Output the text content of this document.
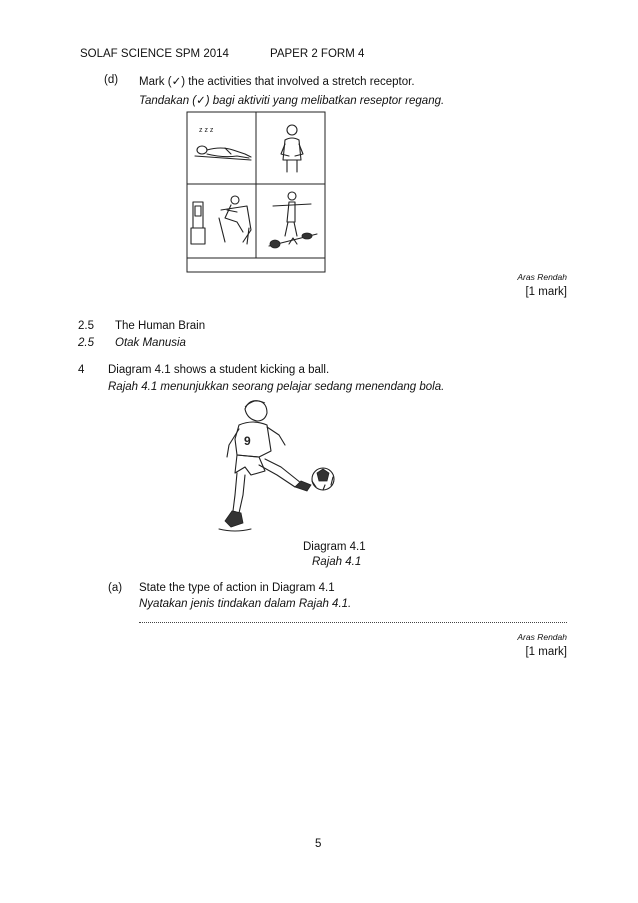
SOLAF SCIENCE SPM 2014	PAPER 2 FORM 4
(d) Mark (✓) the activities that involved a stretch receptor.
Tandakan (✓) bagi aktiviti yang melibatkan reseptor regang.
z z z
Aras Rendah
[1 mark]
2.5 The Human Brain
2.5 Otak Manusia
4 Diagram 4.1 shows a student kicking a ball.
Rajah 4.1 menunjukkan seorang pelajar sedang menendang bola.
9
Diagram 4.1
Rajah 4.1
(a) State the type of action in Diagram 4.1
Nyatakan jenis tindakan dalam Rajah 4.1.
Aras Rendah
[1 mark]
5
